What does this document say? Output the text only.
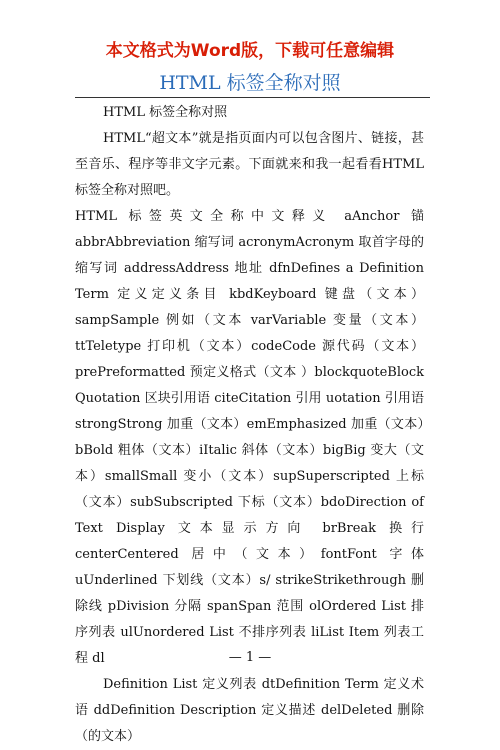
本文格式为Word版，下载可任意编辑
HTML 标签全称对照

HTML 标签全称对照

HTML“超文本”就是指页面内可以包含图片、链接，甚至音乐、程序等非文字元素。下面就来和我一起看看HTML 标签全称对照吧。

HTML 标签英文全称中文释义 aAnchor 锚 abbrAbbreviation 缩写词 acronymAcronym 取首字母的缩写词 addressAddress 地址 dfnDefines a Definition Term 定义定义条目 kbdKeyboard 键盘（文本）sampSample 例如（文本 varVariable 变量（文本）ttTeletype 打印机（文本）codeCode 源代码（文本）prePreformatted 预定义格式（文本 ）blockquoteBlock Quotation 区块引用语 citeCitation 引用 uotation 引用语 strongStrong 加重（文本）emEmphasized 加重（文本）bBold 粗体（文本）iItalic 斜体（文本）bigBig 变大（文本）smallSmall 变小（文本）supSuperscripted 上标（文本）subSubscripted 下标（文本）bdoDirection of Text Display 文本显示方向 brBreak 换行 centerCentered 居中（文本）fontFont 字体 uUnderlined 下划线（文本）s/ strikeStrikethrough 删除线 pDivision 分隔 spanSpan 范围 olOrdered List 排序列表 ulUnordered List 不排序列表 liList Item 列表工程 dl

Definition List 定义列表 dtDefinition Term 定义术语 ddDefinition Description 定义描述 delDeleted 删除（的文本）

— 1 —
